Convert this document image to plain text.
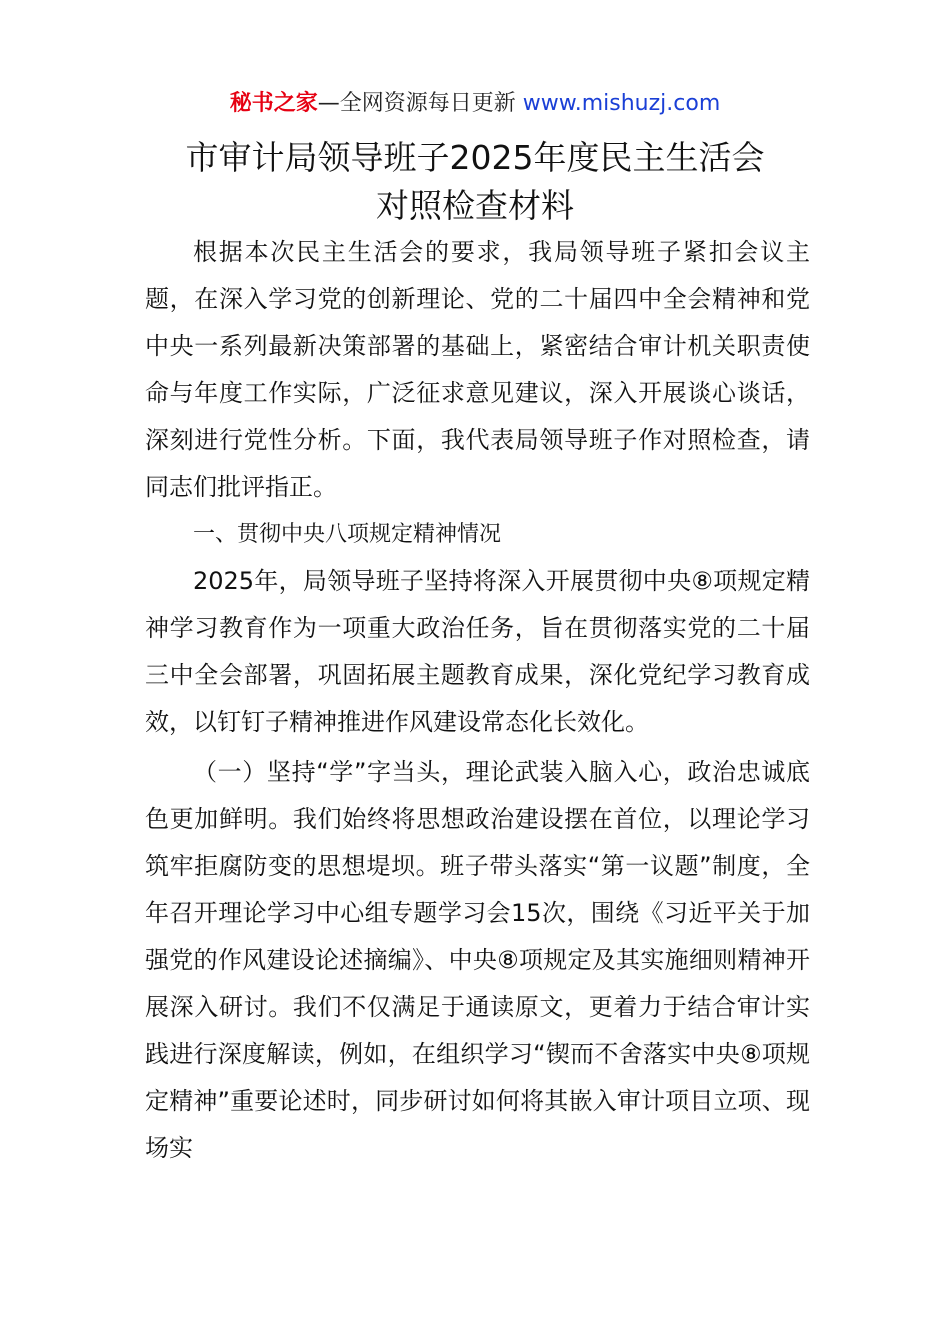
秘书之家—全网资源每日更新 www.mishuzj.com
市审计局领导班子2025年度民主生活会
对照检查材料

根据本次民主生活会的要求，我局领导班子紧扣会议主题，在深入学习党的创新理论、党的二十届四中全会精神和党中央一系列最新决策部署的基础上，紧密结合审计机关职责使命与年度工作实际，广泛征求意见建议，深入开展谈心谈话，深刻进行党性分析。下面，我代表局领导班子作对照检查，请同志们批评指正。

一、贯彻中央八项规定精神情况

2025年，局领导班子坚持将深入开展贯彻中央⑧项规定精神学习教育作为一项重大政治任务，旨在贯彻落实党的二十届三中全会部署，巩固拓展主题教育成果，深化党纪学习教育成效，以钉钉子精神推进作风建设常态化长效化。

（一）坚持“学”字当头，理论武装入脑入心，政治忠诚底色更加鲜明。我们始终将思想政治建设摆在首位，以理论学习筑牢拒腐防变的思想堤坝。班子带头落实“第一议题”制度，全年召开理论学习中心组专题学习会15次，围绕《习近平关于加强党的作风建设论述摘编》、中央⑧项规定及其实施细则精神开展深入研讨。我们不仅满足于通读原文，更着力于结合审计实践进行深度解读，例如，在组织学习“锲而不舍落实中央⑧项规定精神”重要论述时，同步研讨如何将其嵌入审计项目立项、现场实
